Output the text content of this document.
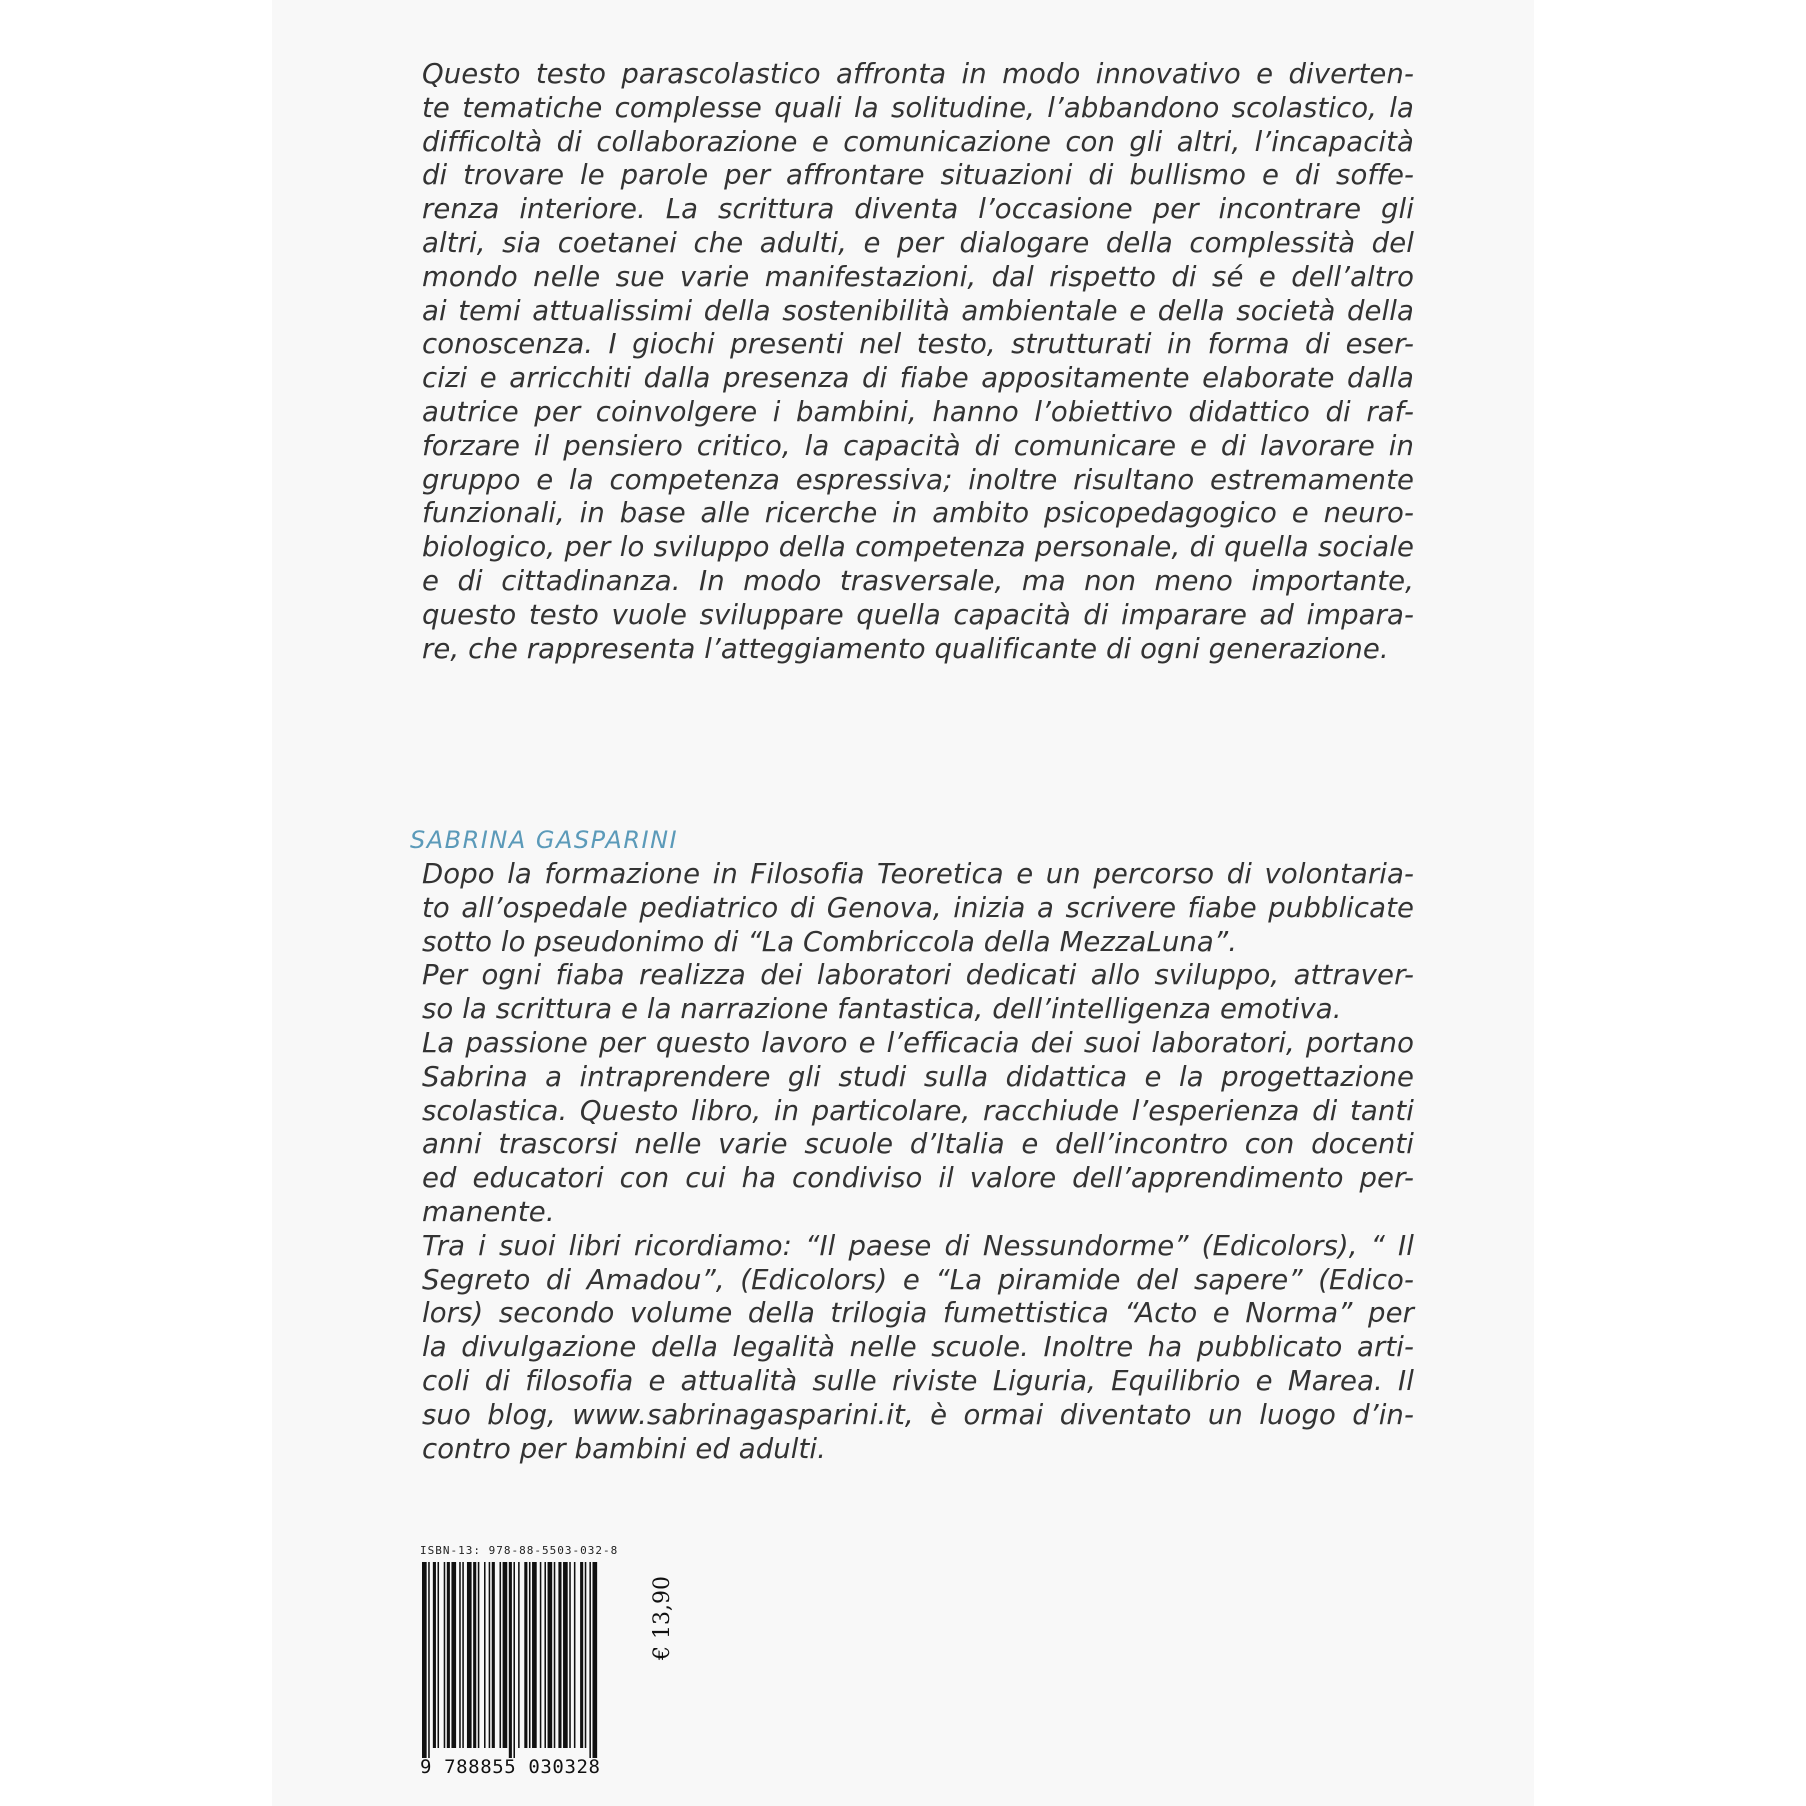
Questo testo parascolastico affronta in modo innovativo e diverten-
te tematiche complesse quali la solitudine, l’abbandono scolastico, la
difficoltà di collaborazione e comunicazione con gli altri, l’incapacità
di trovare le parole per affrontare situazioni di bullismo e di soffe-
renza interiore. La scrittura diventa l’occasione per incontrare gli
altri, sia coetanei che adulti, e per dialogare della complessità del
mondo nelle sue varie manifestazioni, dal rispetto di sé e dell’altro
ai temi attualissimi della sostenibilità ambientale e della società della
conoscenza. I giochi presenti nel testo, strutturati in forma di eser-
cizi e arricchiti dalla presenza di fiabe appositamente elaborate dalla
autrice per coinvolgere i bambini, hanno l’obiettivo didattico di raf-
forzare il pensiero critico, la capacità di comunicare e di lavorare in
gruppo e la competenza espressiva; inoltre risultano estremamente
funzionali, in base alle ricerche in ambito psicopedagogico e neuro-
biologico, per lo sviluppo della competenza personale, di quella sociale
e di cittadinanza. In modo trasversale, ma non meno importante,
questo testo vuole sviluppare quella capacità di imparare ad impara-
re, che rappresenta l’atteggiamento qualificante di ogni generazione.
SABRINA GASPARINI
Dopo la formazione in Filosofia Teoretica e un percorso di volontaria-
to all’ospedale pediatrico di Genova, inizia a scrivere fiabe pubblicate
sotto lo pseudonimo di “La Combriccola della MezzaLuna”.
Per ogni fiaba realizza dei laboratori dedicati allo sviluppo, attraver-
so la scrittura e la narrazione fantastica, dell’intelligenza emotiva.
La passione per questo lavoro e l’efficacia dei suoi laboratori, portano
Sabrina a intraprendere gli studi sulla didattica e la progettazione
scolastica. Questo libro, in particolare, racchiude l’esperienza di tanti
anni trascorsi nelle varie scuole d’Italia e dell’incontro con docenti
ed educatori con cui ha condiviso il valore dell’apprendimento per-
manente.
Tra i suoi libri ricordiamo: “Il paese di Nessundorme” (Edicolors), “ Il
Segreto di Amadou”, (Edicolors) e “La piramide del sapere” (Edico-
lors) secondo volume della trilogia fumettistica “Acto e Norma” per
la divulgazione della legalità nelle scuole. Inoltre ha pubblicato arti-
coli di filosofia e attualità sulle riviste Liguria, Equilibrio e Marea. Il
suo blog, www.sabrinagasparini.it, è ormai diventato un luogo d’in-
contro per bambini ed adulti.
ISBN-13: 978-88-5503-032-8
9 788855 030328
€ 13,90
